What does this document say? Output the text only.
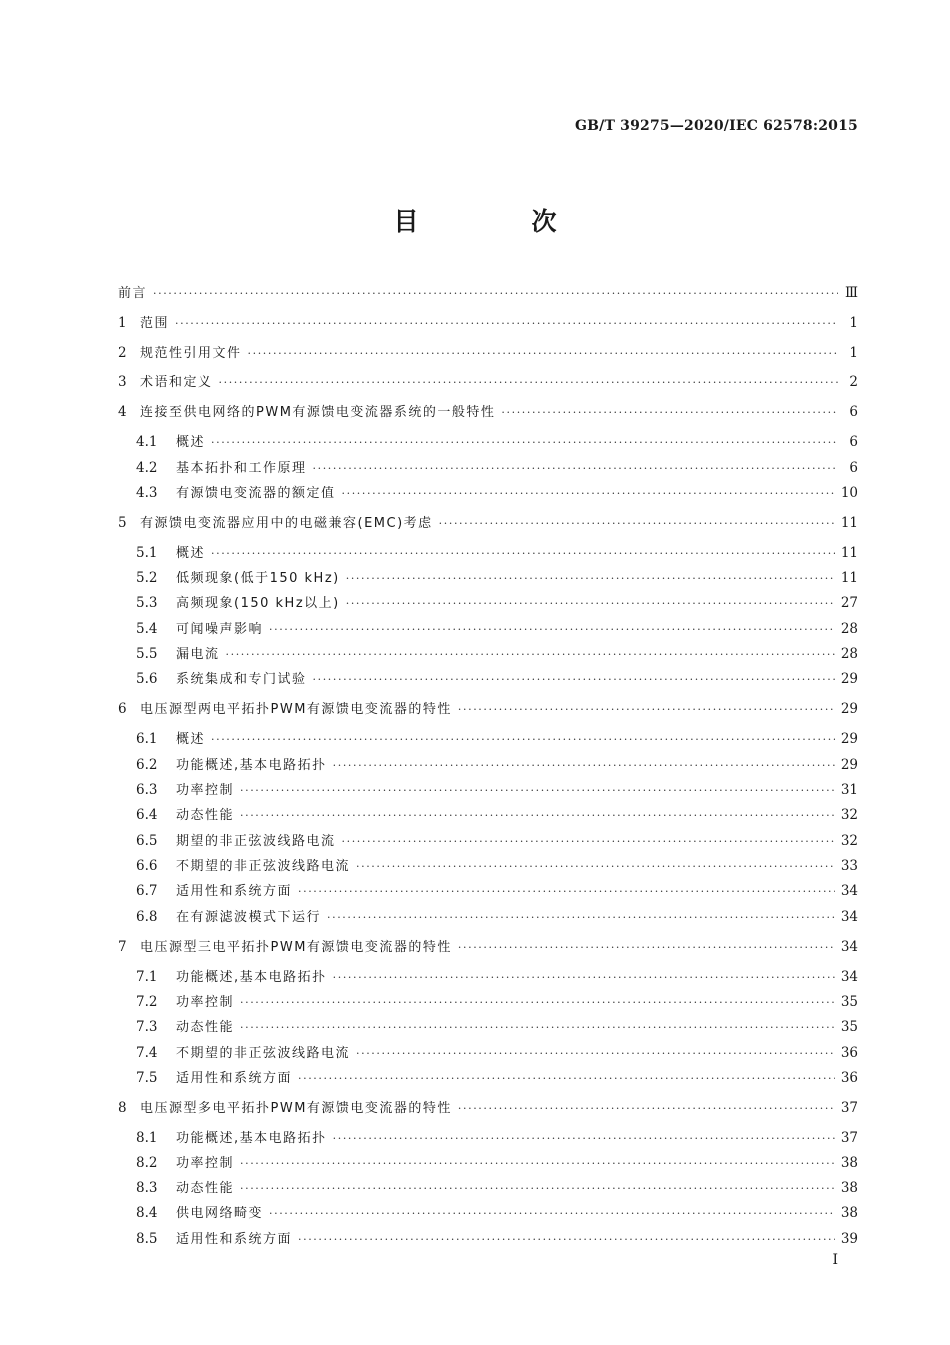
GB/T 39275—2020/IEC 62578:2015
目　次
前言 ·····	Ⅲ
1	范围 ·····	1
2	规范性引用文件 ·····	1
3	术语和定义 ·····	2
4	连接至供电网络的PWM有源馈电变流器系统的一般特性 ·····	6
4.1	概述 ·····	6
4.2	基本拓扑和工作原理 ·····	6
4.3	有源馈电变流器的额定值 ·····	10
5	有源馈电变流器应用中的电磁兼容(EMC)考虑 ·····	11
5.1	概述 ·····	11
5.2	低频现象(低于150 kHz) ·····	11
5.3	高频现象(150 kHz以上) ·····	27
5.4	可闻噪声影响 ·····	28
5.5	漏电流 ·····	28
5.6	系统集成和专门试验 ·····	29
6	电压源型两电平拓扑PWM有源馈电变流器的特性 ·····	29
6.1	概述 ·····	29
6.2	功能概述,基本电路拓扑 ·····	29
6.3	功率控制 ·····	31
6.4	动态性能 ·····	32
6.5	期望的非正弦波线路电流 ·····	32
6.6	不期望的非正弦波线路电流 ·····	33
6.7	适用性和系统方面 ·····	34
6.8	在有源滤波模式下运行 ·····	34
7	电压源型三电平拓扑PWM有源馈电变流器的特性 ·····	34
7.1	功能概述,基本电路拓扑 ·····	34
7.2	功率控制 ·····	35
7.3	动态性能 ·····	35
7.4	不期望的非正弦波线路电流 ·····	36
7.5	适用性和系统方面 ·····	36
8	电压源型多电平拓扑PWM有源馈电变流器的特性 ·····	37
8.1	功能概述,基本电路拓扑 ·····	37
8.2	功率控制 ·····	38
8.3	动态性能 ·····	38
8.4	供电网络畸变 ·····	38
8.5	适用性和系统方面 ·····	39
I
